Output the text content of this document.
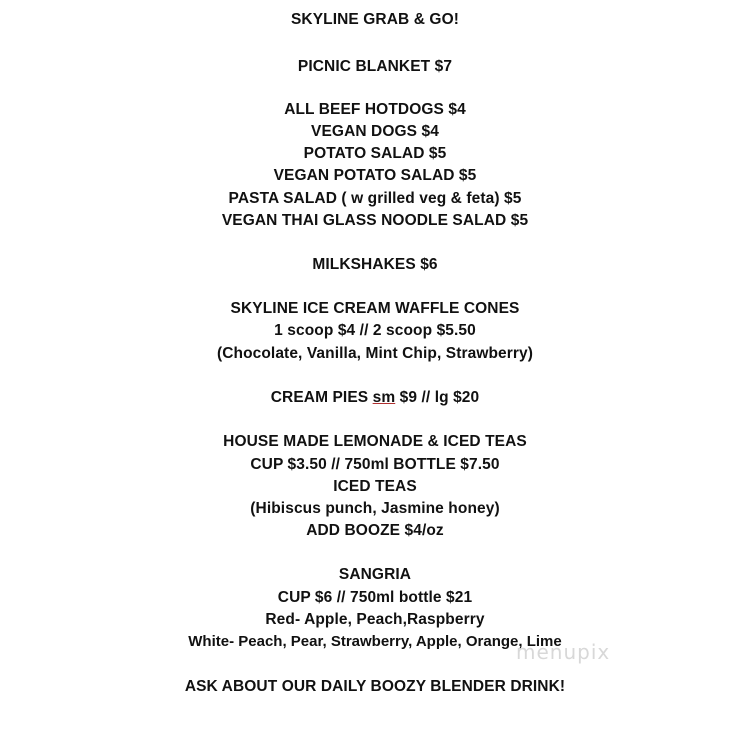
SKYLINE GRAB & GO!
PICNIC BLANKET $7
ALL BEEF HOTDOGS $4
VEGAN DOGS $4
POTATO SALAD $5
VEGAN POTATO SALAD $5
PASTA SALAD ( w grilled veg & feta) $5
VEGAN THAI GLASS NOODLE SALAD $5
MILKSHAKES $6
SKYLINE ICE CREAM WAFFLE CONES
1 scoop $4 // 2 scoop $5.50
(Chocolate, Vanilla, Mint Chip, Strawberry)
CREAM PIES sm $9 // lg $20
HOUSE MADE LEMONADE & ICED TEAS
CUP $3.50 // 750ml BOTTLE $7.50
ICED TEAS
(Hibiscus punch, Jasmine honey)
ADD BOOZE $4/oz
SANGRIA
CUP $6 // 750ml bottle $21
Red- Apple, Peach,Raspberry
White- Peach, Pear, Strawberry, Apple, Orange, Lime
ASK ABOUT OUR DAILY BOOZY BLENDER DRINK!
menupix
